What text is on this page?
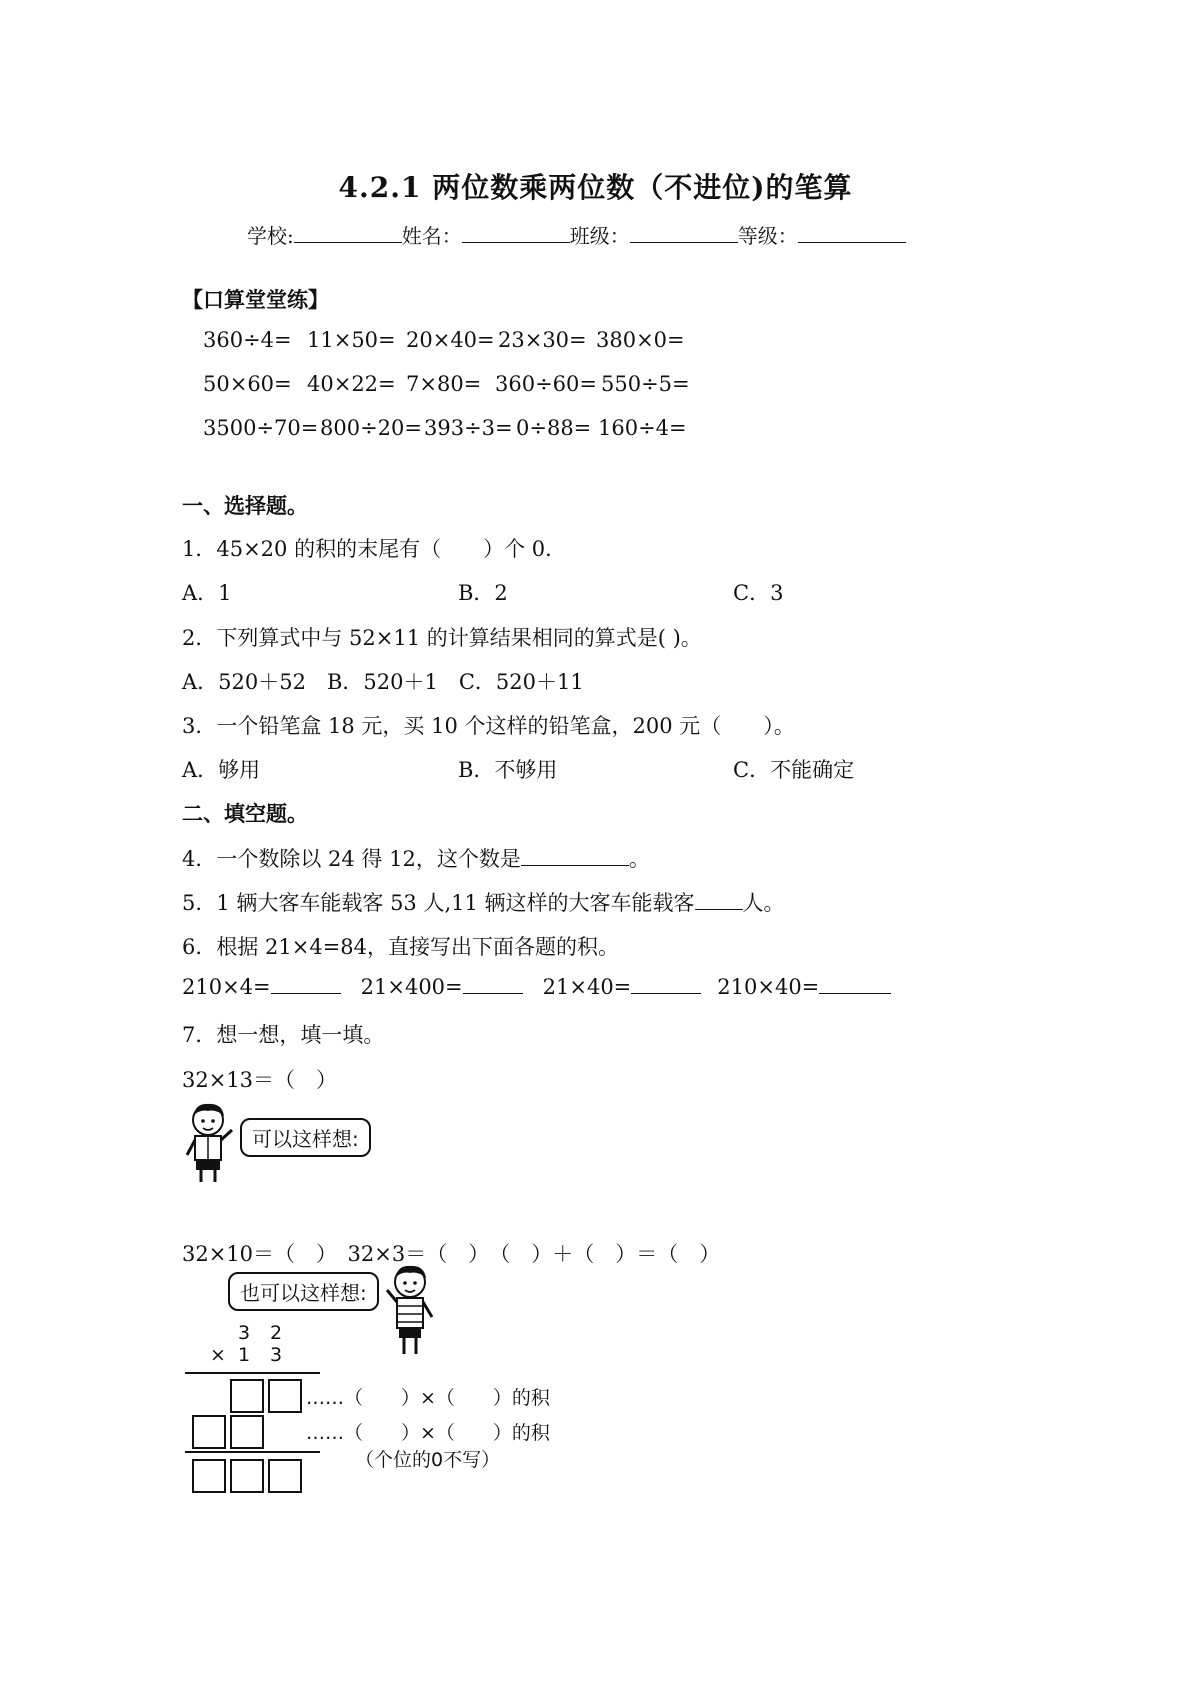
4.2.1 两位数乘两位数（不进位)的笔算
学校:	姓名：	班级：	等级：
【口算堂堂练】
360÷4= 11×50= 20×40= 23×30= 380×0=
50×60= 40×22= 7×80= 360÷60= 550÷5=
3500÷70= 800÷20= 393÷3= 0÷88= 160÷4=
一、选择题。
1．45×20 的积的末尾有（　　）个 0．
A．1	B．2	C．3
2．下列算式中与 52×11 的计算结果相同的算式是( )。
A．520＋52　B．520＋1　C．520＋11
3．一个铅笔盒 18 元，买 10 个这样的铅笔盒，200 元（　　）。
A．够用	B．不够用	C．不能确定
二、填空题。
4．一个数除以 24 得 12，这个数是	。
5．1 辆大客车能载客 53 人,11 辆这样的大客车能载客 人。
6．根据 21×4=84，直接写出下面各题的积。
210×4=	21×400=	21×40=	210×40=
7．想一想，填一填。
32×13＝（　）
可以这样想:
32×10＝（　）　32×3＝（　）　（　）＋（　）＝（　）
也可以这样想:
3 2
× 1 3
……（　　）×（　　）的积
……（　　）×（　　）的积
（个位的0不写）
